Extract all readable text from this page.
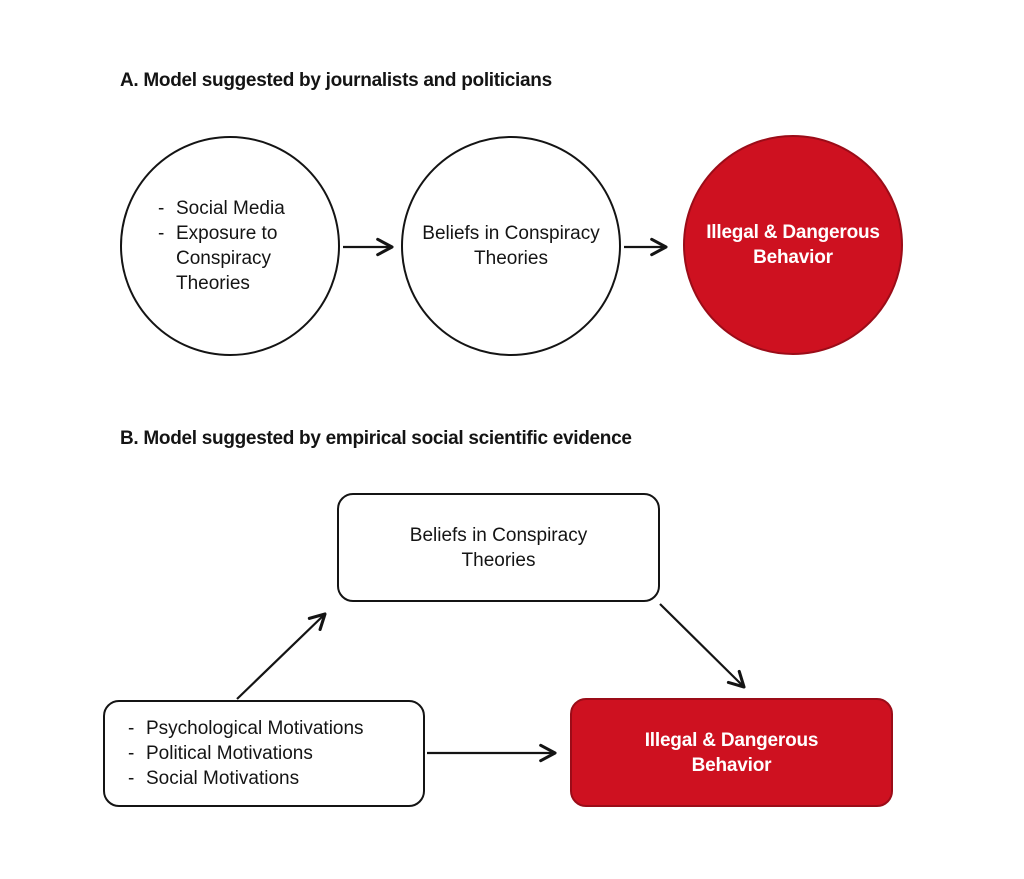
A. Model suggested by journalists and politicians
- Social Media
- Exposure to Conspiracy Theories
Beliefs in Conspiracy Theories
Illegal & Dangerous Behavior
B. Model suggested by empirical social scientific evidence
Beliefs in Conspiracy Theories
- Psychological Motivations
- Political Motivations
- Social Motivations
Illegal & Dangerous Behavior
